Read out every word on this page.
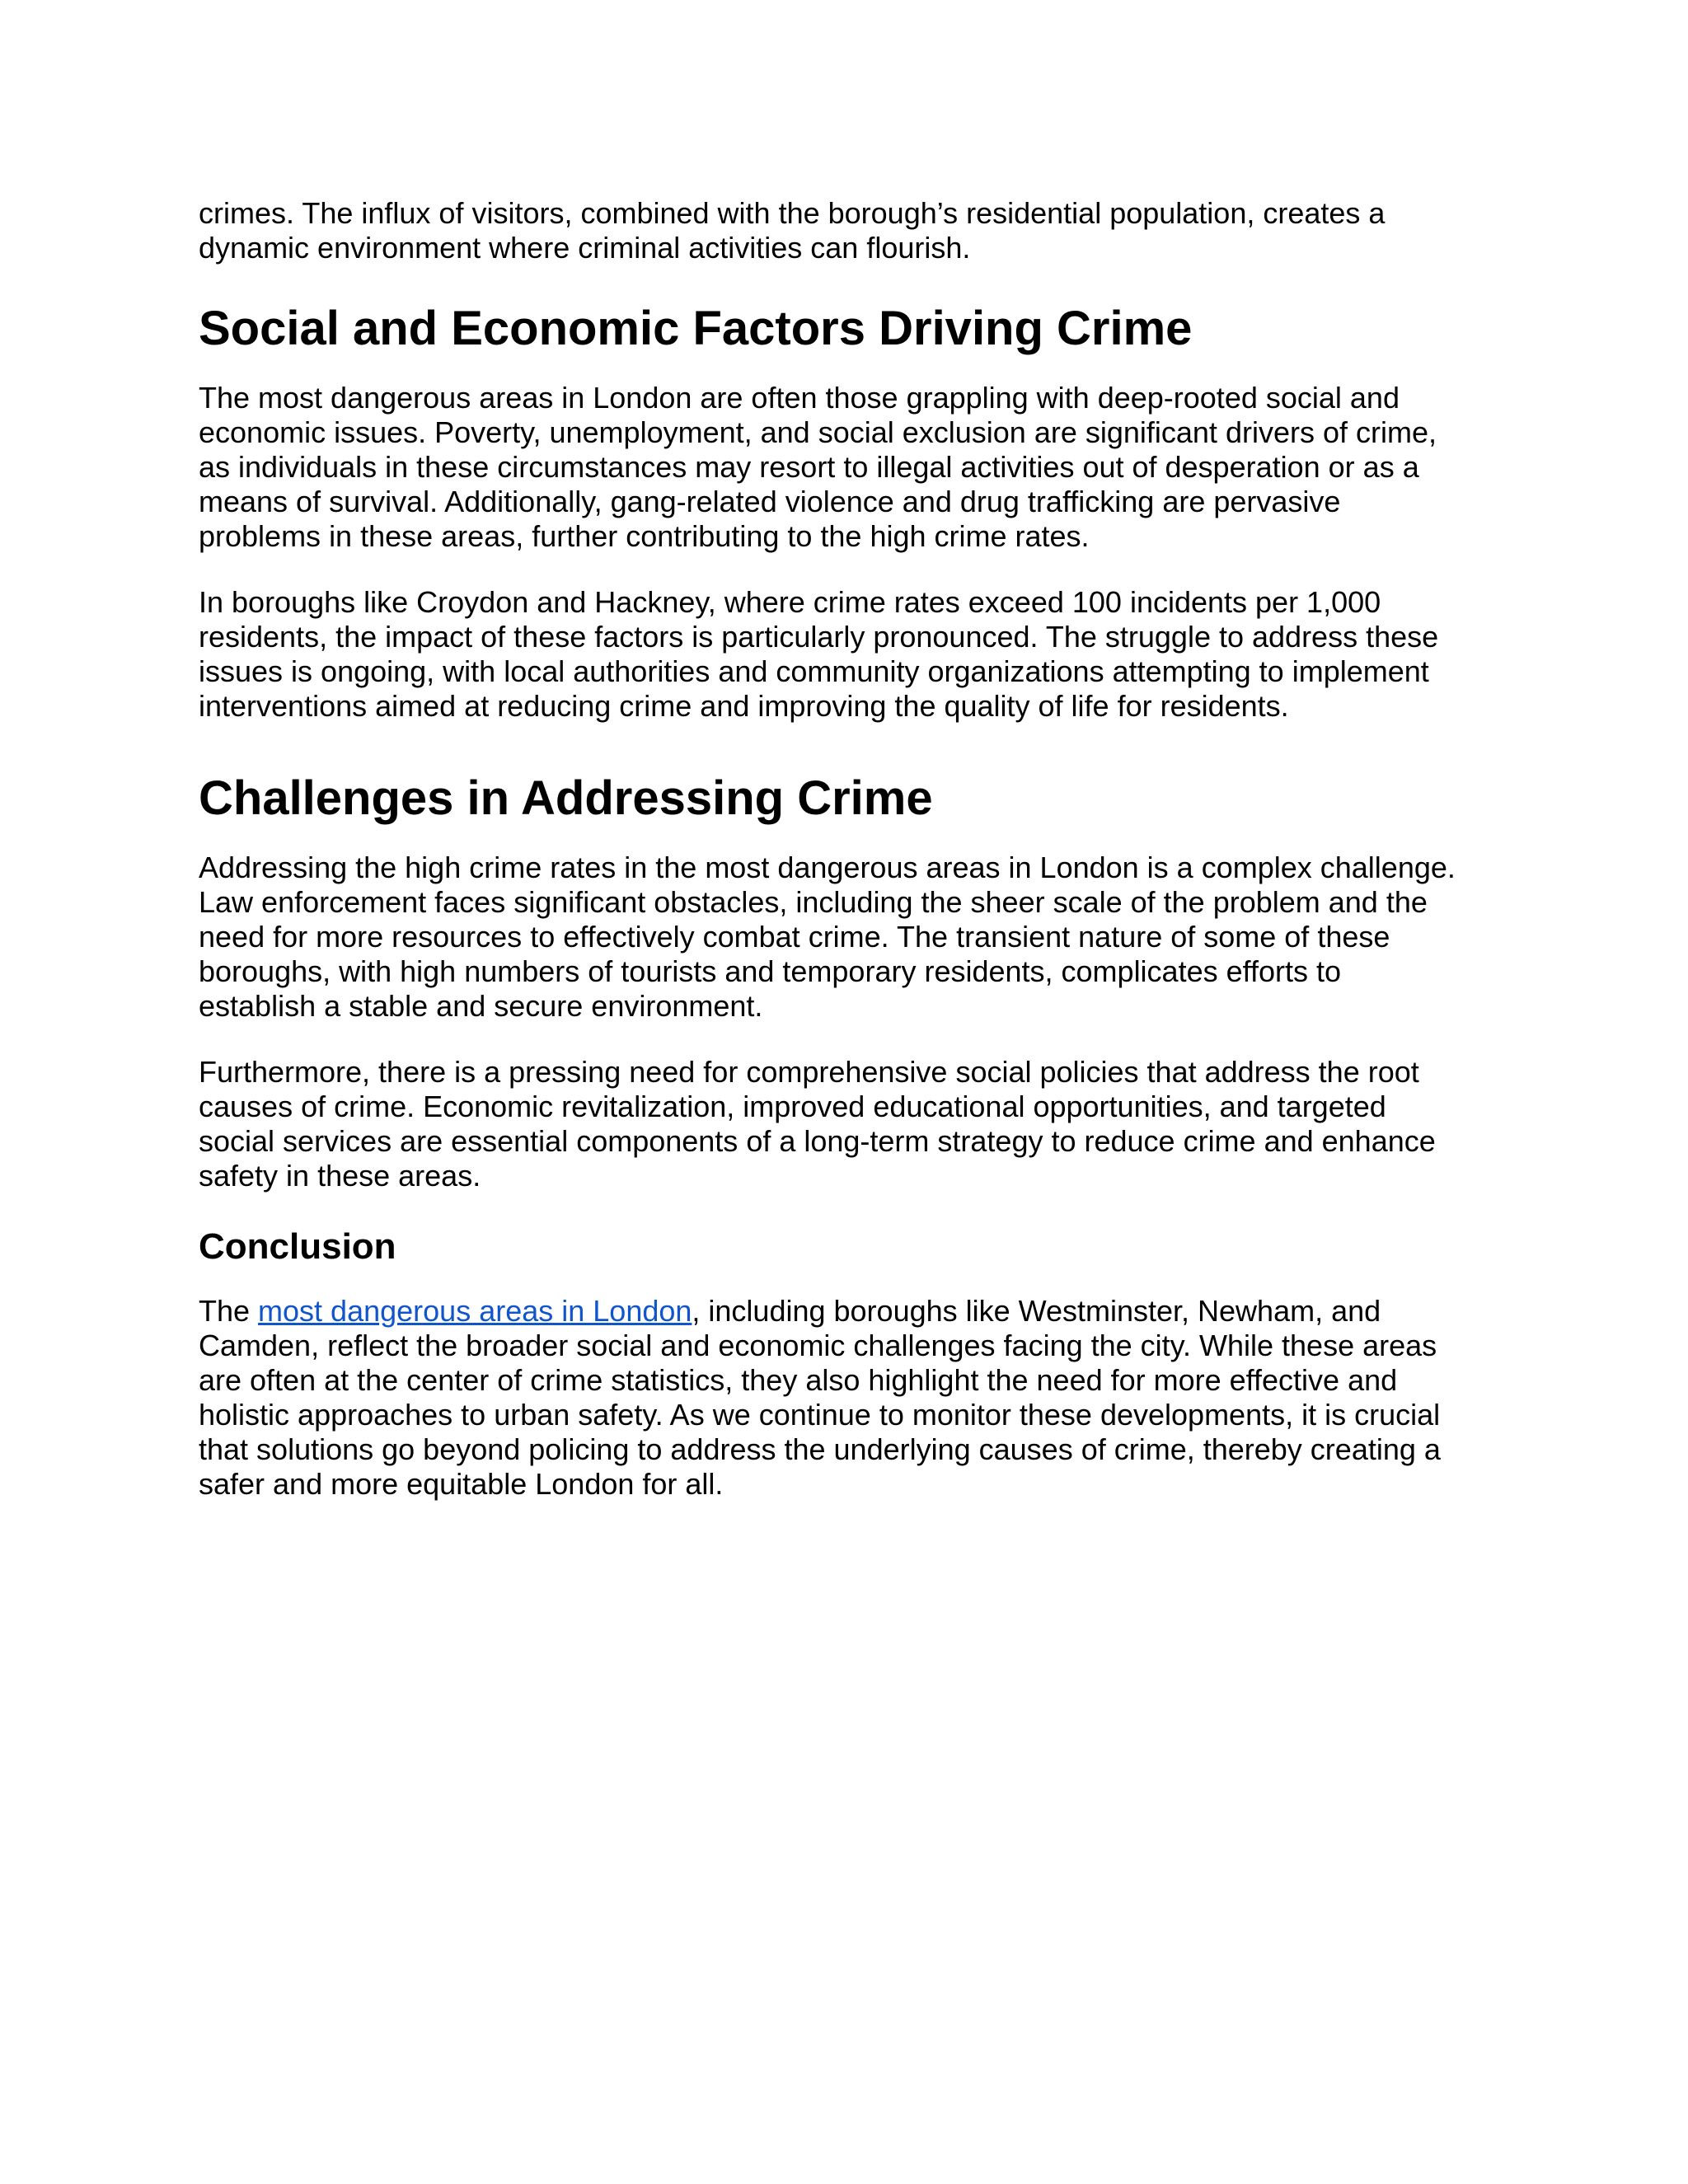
crimes. The influx of visitors, combined with the borough’s residential population, creates a
dynamic environment where criminal activities can flourish.

Social and Economic Factors Driving Crime

The most dangerous areas in London are often those grappling with deep-rooted social and
economic issues. Poverty, unemployment, and social exclusion are significant drivers of crime,
as individuals in these circumstances may resort to illegal activities out of desperation or as a
means of survival. Additionally, gang-related violence and drug trafficking are pervasive
problems in these areas, further contributing to the high crime rates.

In boroughs like Croydon and Hackney, where crime rates exceed 100 incidents per 1,000
residents, the impact of these factors is particularly pronounced. The struggle to address these
issues is ongoing, with local authorities and community organizations attempting to implement
interventions aimed at reducing crime and improving the quality of life for residents.

Challenges in Addressing Crime

Addressing the high crime rates in the most dangerous areas in London is a complex challenge.
Law enforcement faces significant obstacles, including the sheer scale of the problem and the
need for more resources to effectively combat crime. The transient nature of some of these
boroughs, with high numbers of tourists and temporary residents, complicates efforts to
establish a stable and secure environment.

Furthermore, there is a pressing need for comprehensive social policies that address the root
causes of crime. Economic revitalization, improved educational opportunities, and targeted
social services are essential components of a long-term strategy to reduce crime and enhance
safety in these areas.

Conclusion

The most dangerous areas in London, including boroughs like Westminster, Newham, and
Camden, reflect the broader social and economic challenges facing the city. While these areas
are often at the center of crime statistics, they also highlight the need for more effective and
holistic approaches to urban safety. As we continue to monitor these developments, it is crucial
that solutions go beyond policing to address the underlying causes of crime, thereby creating a
safer and more equitable London for all.
